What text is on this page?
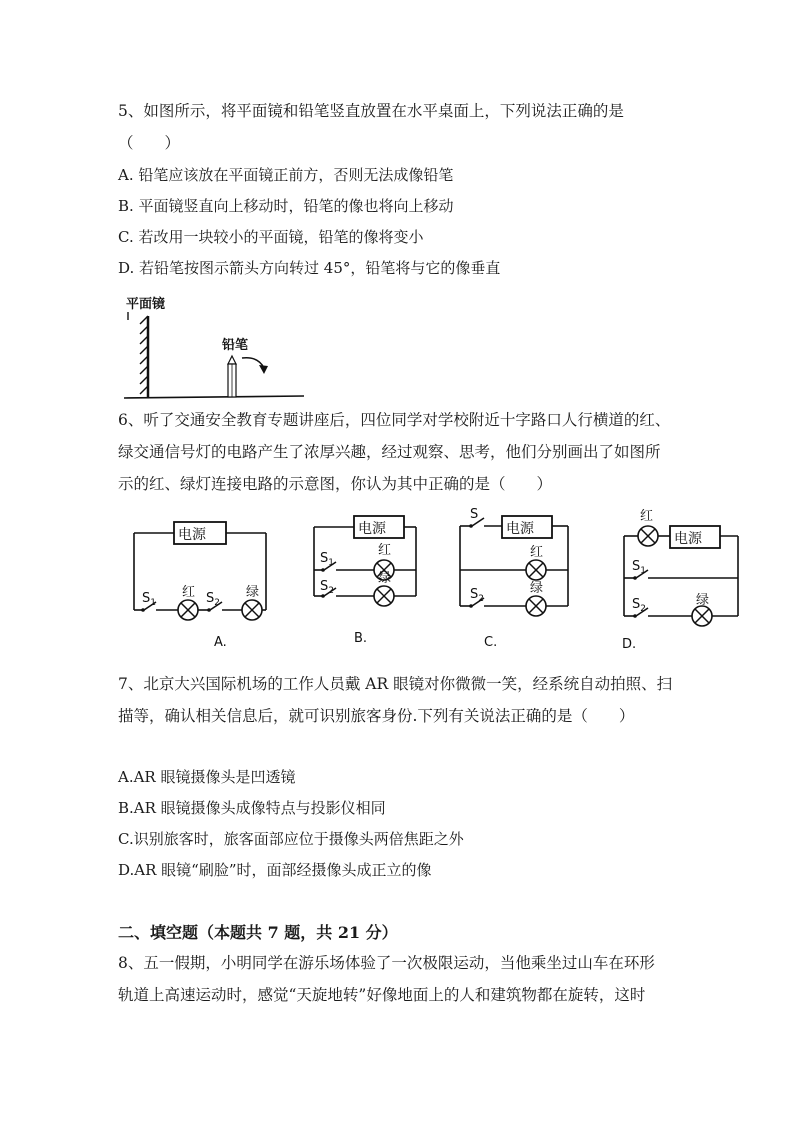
5、如图所示，将平面镜和铅笔竖直放置在水平桌面上，下列说法正确的是
（　　）
A. 铅笔应该放在平面镜正前方，否则无法成像铅笔
B. 平面镜竖直向上移动时，铅笔的像也将向上移动
C. 若改用一块较小的平面镜，铅笔的像将变小
D. 若铅笔按图示箭头方向转过 45°，铅笔将与它的像垂直
平面镜
铅笔
6、听了交通安全教育专题讲座后，四位同学对学校附近十字路口人行横道的红、
绿交通信号灯的电路产生了浓厚兴趣，经过观察、思考，他们分别画出了如图所
示的红、绿灯连接电路的示意图，你认为其中正确的是（　　）
电源
$S_1$
红 $S_2$
绿
A.
电源
$S_1$
红
$S_2$
绿
B.
S
电源
红
$S_2$
绿
C.
红
电源
$S_1$
$S_2$
绿
D.
7、北京大兴国际机场的工作人员戴 AR 眼镜对你微微一笑，经系统自动拍照、扫
描等，确认相关信息后，就可识别旅客身份.下列有关说法正确的是（　　）
A.AR 眼镜摄像头是凹透镜
B.AR 眼镜摄像头成像特点与投影仪相同
C.识别旅客时，旅客面部应位于摄像头两倍焦距之外
D.AR 眼镜“刷脸”时，面部经摄像头成正立的像
二、填空题（本题共 7 题，共 21 分）
8、五一假期，小明同学在游乐场体验了一次极限运动，当他乘坐过山车在环形
轨道上高速运动时，感觉“天旋地转”好像地面上的人和建筑物都在旋转，这时
